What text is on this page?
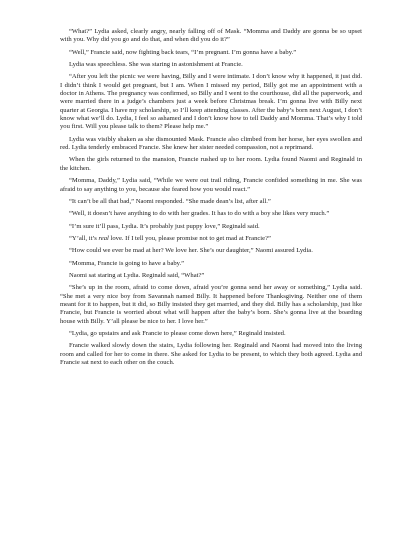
“What?” Lydia asked, clearly angry, nearly falling off of Mask. “Momma and Daddy are gonna be so upset with you. Why did you go and do that, and when did you do it?”

“Well,” Francie said, now fighting back tears, “I’m pregnant. I’m gonna have a baby.”

Lydia was speechless. She was staring in astonishment at Francie.

“After you left the picnic we were having, Billy and I were intimate. I don’t know why it happened, it just did. I didn’t think I would get pregnant, but I am. When I missed my period, Billy got me an appointment with a doctor in Athens. The pregnancy was confirmed, so Billy and I went to the courthouse, did all the paperwork, and were married there in a judge’s chambers just a week before Christmas break. I’m gonna live with Billy next quarter at Georgia. I have my scholarship, so I’ll keep attending classes. After the baby’s born next August, I don’t know what we’ll do. Lydia, I feel so ashamed and I don’t know how to tell Daddy and Momma. That’s why I told you first. Will you please talk to them? Please help me.”

Lydia was visibly shaken as she dismounted Mask. Francie also climbed from her horse, her eyes swollen and red. Lydia tenderly embraced Francie. She knew her sister needed compassion, not a reprimand.

When the girls returned to the mansion, Francie rushed up to her room. Lydia found Naomi and Reginald in the kitchen.

“Momma, Daddy,” Lydia said, “While we were out trail riding, Francie confided something in me. She was afraid to say anything to you, because she feared how you would react.”

“It can’t be all that bad,” Naomi responded. “She made dean’s list, after all.”

“Well, it doesn’t have anything to do with her grades. It has to do with a boy she likes very much.”

“I’m sure it’ll pass, Lydia. It’s probably just puppy love,” Reginald said.

“Y’all, it’s real love. If I tell you, please promise not to get mad at Francie?”

“How could we ever be mad at her? We love her. She’s our daughter,” Naomi assured Lydia.

“Momma, Francie is going to have a baby.”

Naomi sat staring at Lydia. Reginald said, “What?”

“She’s up in the room, afraid to come down, afraid you’re gonna send her away or something,” Lydia said. “She met a very nice boy from Savannah named Billy. It happened before Thanksgiving. Neither one of them meant for it to happen, but it did, so Billy insisted they get married, and they did. Billy has a scholarship, just like Francie, but Francie is worried about what will happen after the baby’s born. She’s gonna live at the boarding house with Billy. Y’all please be nice to her. I love her.”

“Lydia, go upstairs and ask Francie to please come down here,” Reginald insisted.

Francie walked slowly down the stairs, Lydia following her. Reginald and Naomi had moved into the living room and called for her to come in there. She asked for Lydia to be present, to which they both agreed. Lydia and Francie sat next to each other on the couch.
